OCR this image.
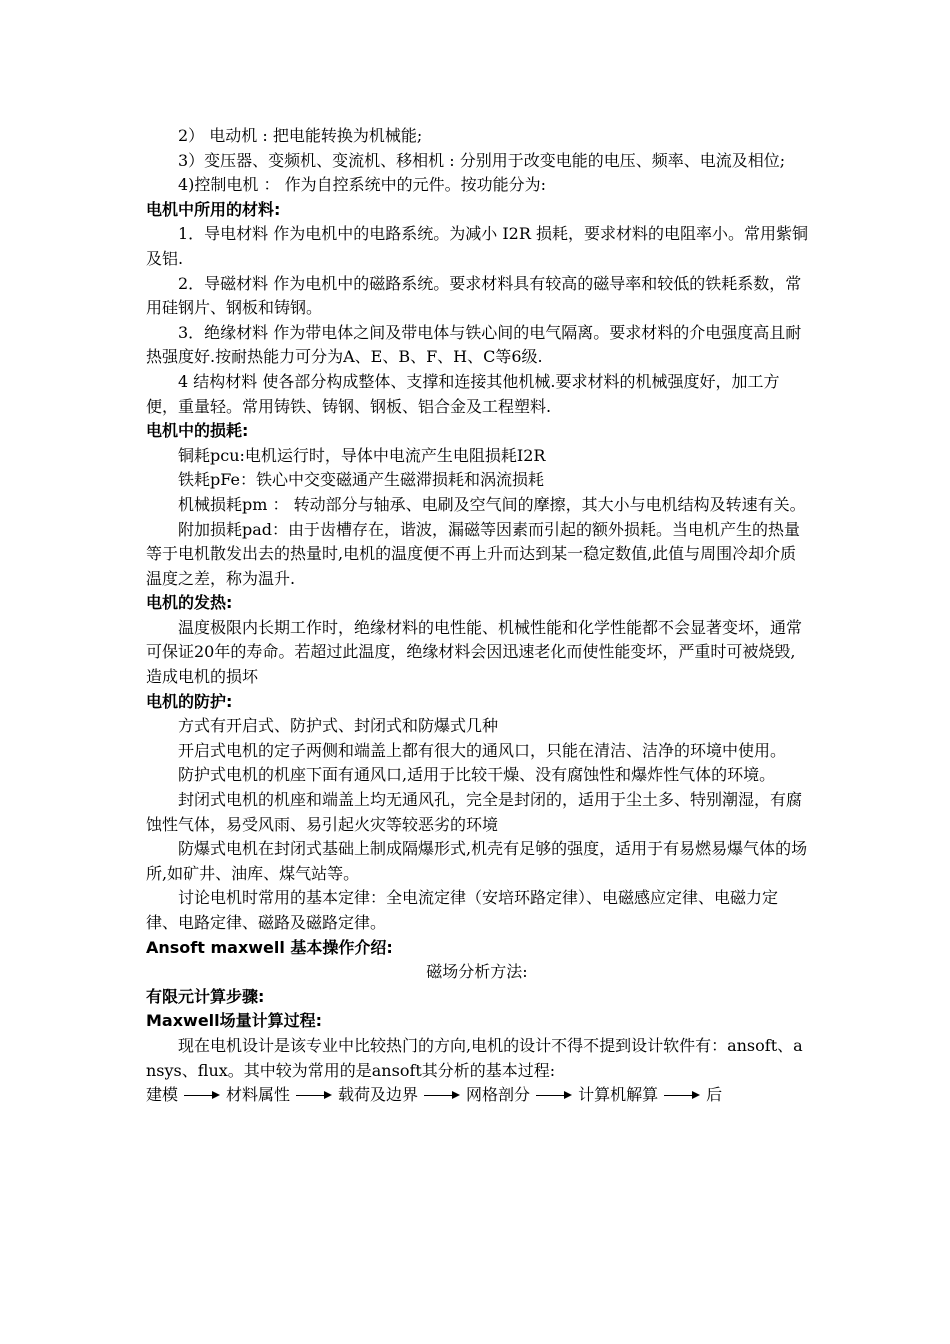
2） 电动机 : 把电能转换为机械能;

3）变压器、变频机、变流机、移相机 : 分别用于改变电能的电压、频率、电流及相位;

4)控制电机 ： 作为自控系统中的元件。按功能分为:

电机中所用的材料:

1．导电材料 作为电机中的电路系统。为减小 I2R 损耗，要求材料的电阻率小。常用紫铜及铝.

2．导磁材料 作为电机中的磁路系统。要求材料具有较高的磁导率和较低的铁耗系数，常用硅钢片、钢板和铸钢。

3．绝缘材料 作为带电体之间及带电体与铁心间的电气隔离。要求材料的介电强度高且耐热强度好.按耐热能力可分为A、E、B、F、H、C等6级.

4 结构材料 使各部分构成整体、支撑和连接其他机械.要求材料的机械强度好，加工方便，重量轻。常用铸铁、铸钢、钢板、铝合金及工程塑料.

电机中的损耗:

铜耗pcu:电机运行时，导体中电流产生电阻损耗I2R

铁耗pFe：铁心中交变磁通产生磁滞损耗和涡流损耗

机械损耗pm ： 转动部分与轴承、电刷及空气间的摩擦，其大小与电机结构及转速有关。

附加损耗pad：由于齿槽存在，谐波，漏磁等因素而引起的额外损耗。当电机产生的热量等于电机散发出去的热量时,电机的温度便不再上升而达到某一稳定数值,此值与周围冷却介质温度之差，称为温升.

电机的发热:

温度极限内长期工作时，绝缘材料的电性能、机械性能和化学性能都不会显著变坏，通常可保证20年的寿命。若超过此温度，绝缘材料会因迅速老化而使性能变坏，严重时可被烧毁,造成电机的损坏

电机的防护:

方式有开启式、防护式、封闭式和防爆式几种

开启式电机的定子两侧和端盖上都有很大的通风口，只能在清洁、洁净的环境中使用。

防护式电机的机座下面有通风口,适用于比较干燥、没有腐蚀性和爆炸性气体的环境。

封闭式电机的机座和端盖上均无通风孔，完全是封闭的，适用于尘土多、特别潮湿，有腐蚀性气体，易受风雨、易引起火灾等较恶劣的环境

防爆式电机在封闭式基础上制成隔爆形式,机壳有足够的强度，适用于有易燃易爆气体的场所,如矿井、油库、煤气站等。

讨论电机时常用的基本定律：全电流定律（安培环路定律）、电磁感应定律、电磁力定律、电路定律、磁路及磁路定律。

Ansoft maxwell 基本操作介绍:

磁场分析方法:

有限元计算步骤:

Maxwell场量计算过程:

现在电机设计是该专业中比较热门的方向,电机的设计不得不提到设计软件有：ansoft、ansys、flux。其中较为常用的是ansoft其分析的基本过程:

建模	材料属性	载荷及边界	网格剖分	计算机解算	后
